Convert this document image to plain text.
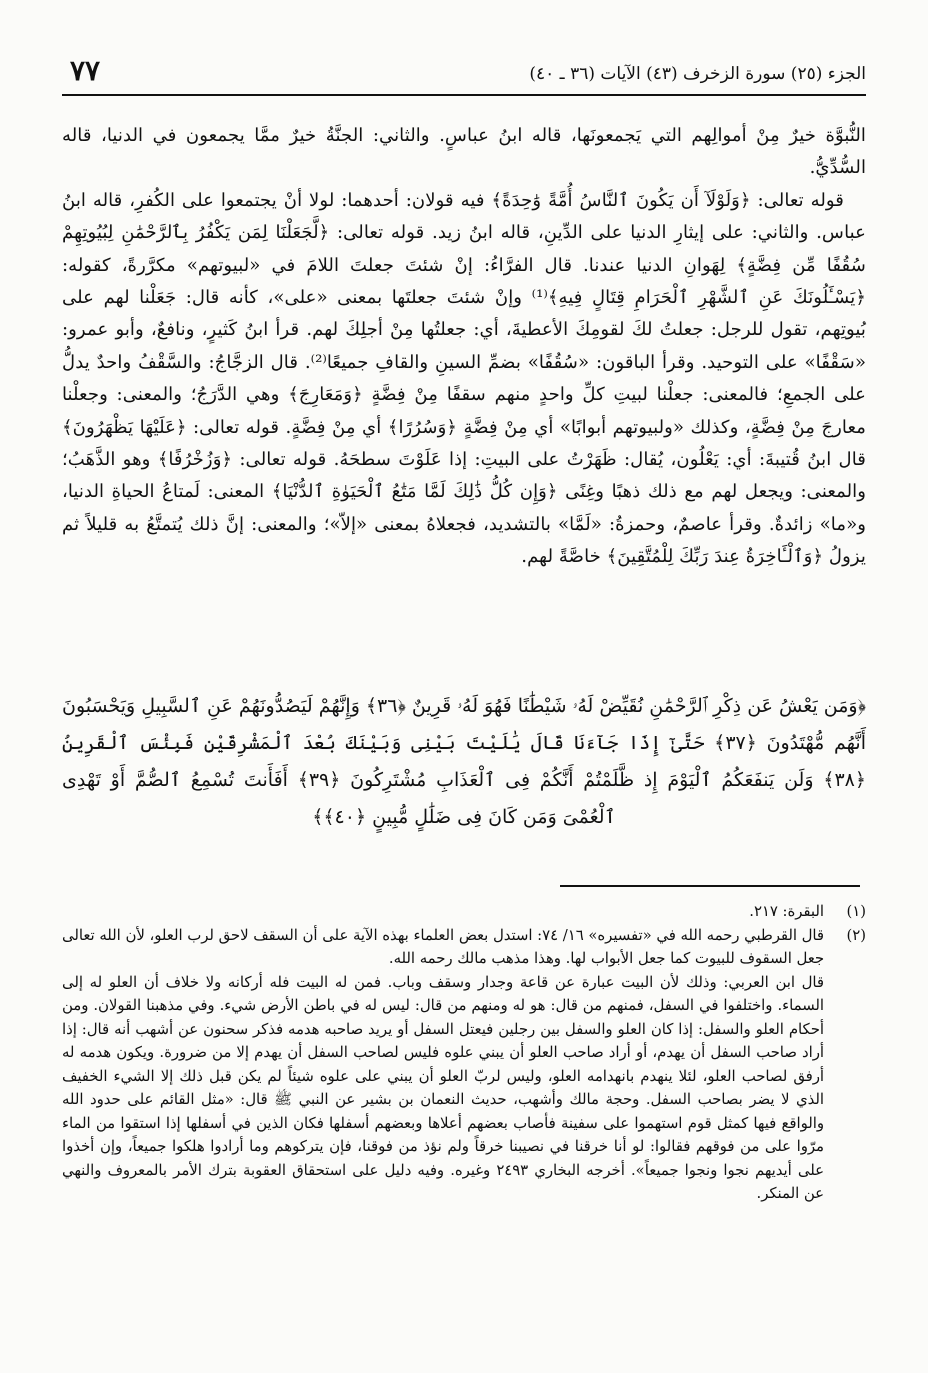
٧٧	الجزء (٢٥) سورة الزخرف (٤٣) الآيات (٣٦ ـ ٤٠)

النُّبوَّة خيرٌ مِنْ أموالِهم التي يَجمعونَها، قاله ابنُ عباسٍ. والثاني: الجنَّةُ خيرٌ ممَّا يجمعون في الدنيا، قاله السُّدِّيُّ.

قوله تعالى: ﴿وَلَوْلَآ أَن يَكُونَ ٱلنَّاسُ أُمَّةً وَٰحِدَةً﴾ فيه قولان: أحدهما: لولا أنْ يجتمعوا على الكُفرِ، قاله ابنُ عباس. والثاني: على إيثارِ الدنيا على الدِّينِ، قاله ابنُ زيد. قوله تعالى: ﴿لَّجَعَلْنَا لِمَن يَكْفُرُ بِٱلرَّحْمَٰنِ لِبُيُوتِهِمْ سُقُفًا مِّن فِضَّةٍ﴾ لِهَوانِ الدنيا عندنا. قال الفرَّاءُ: إنْ شئتَ جعلتَ اللامَ في «لبيوتهم» مكرَّرةً، كقوله: ﴿يَسْـَٔلُونَكَ عَنِ ٱلشَّهْرِ ٱلْحَرَامِ قِتَالٍ فِيهِ﴾⁽¹⁾ وإنْ شئتَ جعلتَها بمعنى «على»، كأنه قال: جَعَلْنا لهم على بُيوتِهم، تقول للرجل: جعلتُ لكَ لقومِكَ الأعطيةَ، أي: جعلتُها مِنْ أجلِكَ لهم. قرأ ابنُ كَثيرٍ، ونافعٌ، وأبو عمرو: «سَقْفًا» على التوحيد. وقرأ الباقون: «سُقُفًا» بضمِّ السينِ والقافِ جميعًا⁽²⁾. قال الزجَّاجُ: والسَّقْفُ واحدٌ يدلُّ على الجمعِ؛ فالمعنى: جعلْنا لبيتِ كلِّ واحدٍ منهم سقفًا مِنْ فِضَّةٍ ﴿وَمَعَارِجَ﴾ وهي الدَّرَجُ؛ والمعنى: وجعلْنا معارجَ مِنْ فِضَّةٍ، وكذلك «ولبيوتهم أبوابًا» أي مِنْ فِضَّةٍ ﴿وَسُرُرًا﴾ أي مِنْ فِضَّةٍ. قوله تعالى: ﴿عَلَيْهَا يَظْهَرُونَ﴾ قال ابنُ قُتيبةَ: أي: يَعْلُون، يُقال: ظَهَرْتُ على البيتِ: إذا عَلَوْتَ سطحَهُ. قوله تعالى: ﴿وَزُخْرُفًا﴾ وهو الذَّهَبُ؛ والمعنى: ويجعل لهم مع ذلك ذهبًا وغِنًى ﴿وَإِن كُلُّ ذَٰلِكَ لَمَّا مَتَٰعُ ٱلْحَيَوٰةِ ٱلدُّنْيَا﴾ المعنى: لَمتاعُ الحياةِ الدنيا، و«ما» زائدةٌ. وقرأ عاصمٌ، وحمزةُ: «لَمَّا» بالتشديد، فجعلاهُ بمعنى «إلاّ»؛ والمعنى: إنَّ ذلك يُتمتَّعُ به قليلاً ثم يزولُ ﴿وَٱلْـَٔاخِرَةُ عِندَ رَبِّكَ لِلْمُتَّقِينَ﴾ خاصَّةً لهم.

﴿وَمَن يَعْشُ عَن ذِكْرِ ٱلرَّحْمَٰنِ نُقَيِّضْ لَهُۥ شَيْطَٰنًا فَهُوَ لَهُۥ قَرِينٌ ﴿٣٦﴾ وَإِنَّهُمْ لَيَصُدُّونَهُمْ عَنِ ٱلسَّبِيلِ وَيَحْسَبُونَ أَنَّهُم مُّهْتَدُونَ ﴿٣٧﴾ حَتَّىٰٓ إِذَا جَآءَنَا قَالَ يَٰلَيْتَ بَيْنِى وَبَيْنَكَ بُعْدَ ٱلْمَشْرِقَيْنِ فَبِئْسَ ٱلْقَرِينُ ﴿٣٨﴾ وَلَن يَنفَعَكُمُ ٱلْيَوْمَ إِذ ظَّلَمْتُمْ أَنَّكُمْ فِى ٱلْعَذَابِ مُشْتَرِكُونَ ﴿٣٩﴾ أَفَأَنتَ تُسْمِعُ ٱلصُّمَّ أَوْ تَهْدِى ٱلْعُمْىَ وَمَن كَانَ فِى ضَلَٰلٍ مُّبِينٍ ﴿٤٠﴾﴾

(١)

البقرة: ٢١٧.

(٢)

قال القرطبي رحمه الله في «تفسيره» ١٦/ ٧٤: استدل بعض العلماء بهذه الآية على أن السقف لاحق لرب العلو، لأن الله تعالى جعل السقوف للبيوت كما جعل الأبواب لها. وهذا مذهب مالك رحمه الله.

قال ابن العربي: وذلك لأن البيت عبارة عن قاعة وجدار وسقف وباب. فمن له البيت فله أركانه ولا خلاف أن العلو له إلى السماء. واختلفوا في السفل، فمنهم من قال: هو له ومنهم من قال: ليس له في باطن الأرض شيء. وفي مذهبنا القولان. ومن أحكام العلو والسفل: إذا كان العلو والسفل بين رجلين فيعتل السفل أو يريد صاحبه هدمه فذكر سحنون عن أشهب أنه قال: إذا أراد صاحب السفل أن يهدم، أو أراد صاحب العلو أن يبني علوه فليس لصاحب السفل أن يهدم إلا من ضرورة. ويكون هدمه له أرفق لصاحب العلو، لئلا ينهدم بانهدامه العلو، وليس لربّ العلو أن يبني على علوه شيئاً لم يكن قبل ذلك إلا الشيء الخفيف الذي لا يضر بصاحب السفل. وحجة مالك وأشهب، حديث النعمان بن بشير عن النبي ﷺ قال: «مثل القائم على حدود الله والواقع فيها كمثل قوم استهموا على سفينة فأصاب بعضهم أعلاها وبعضهم أسفلها فكان الذين في أسفلها إذا استقوا من الماء مرّوا على من فوقهم فقالوا: لو أنا خرقنا في نصيبنا خرقاً ولم نؤذ من فوقنا، فإن يتركوهم وما أرادوا هلكوا جميعاً، وإن أخذوا على أيديهم نجوا ونجوا جميعاً». أخرجه البخاري ٢٤٩٣ وغيره. وفيه دليل على استحقاق العقوبة بترك الأمر بالمعروف والنهي عن المنكر.
